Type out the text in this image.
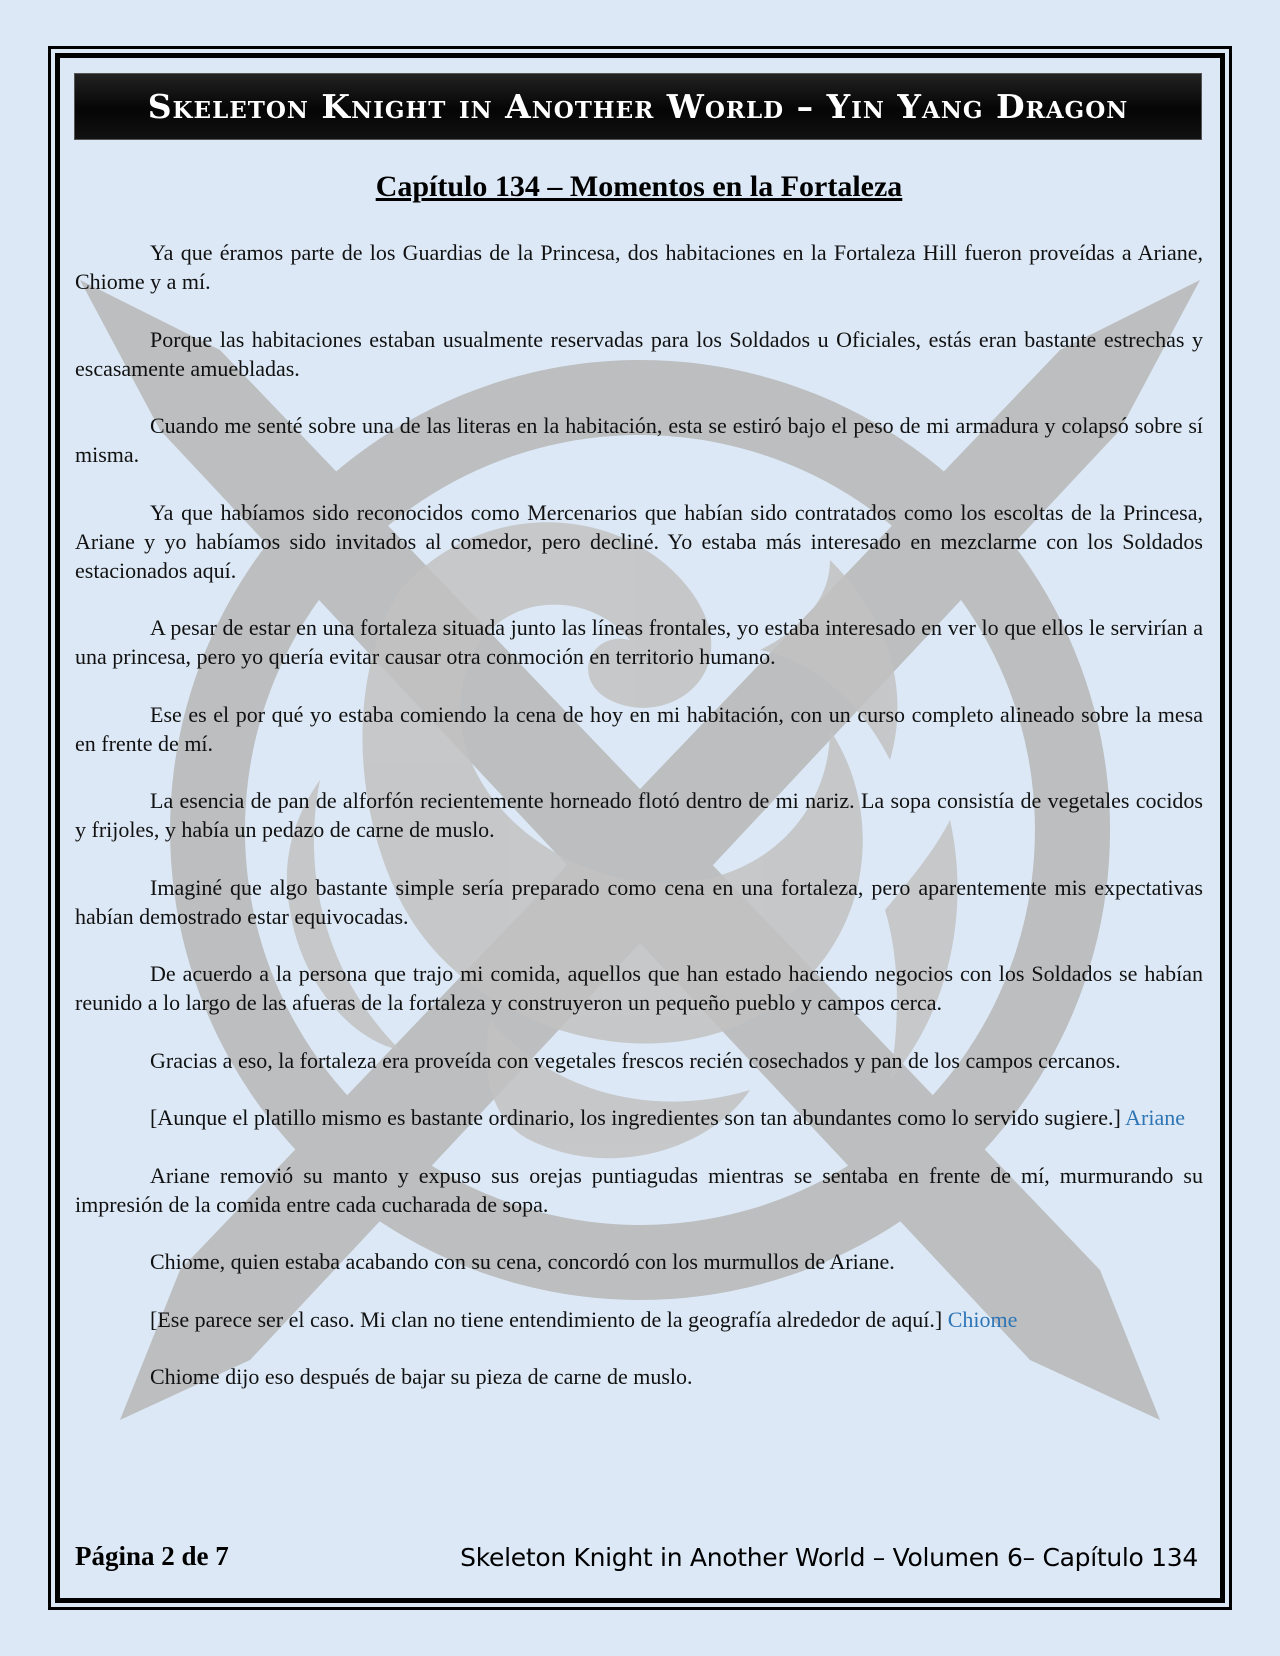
Skeleton Knight in Another World – Yin Yang Dragon
Capítulo 134 – Momentos en la Fortaleza

Ya que éramos parte de los Guardias de la Princesa, dos habitaciones en la Fortaleza Hill fueron proveídas a Ariane, Chiome y a mí.

Porque las habitaciones estaban usualmente reservadas para los Soldados u Oficiales, estás eran bastante estrechas y escasamente amuebladas.

Cuando me senté sobre una de las literas en la habitación, esta se estiró bajo el peso de mi armadura y colapsó sobre sí misma.

Ya que habíamos sido reconocidos como Mercenarios que habían sido contratados como los escoltas de la Princesa, Ariane y yo habíamos sido invitados al comedor, pero decliné. Yo estaba más interesado en mezclarme con los Soldados estacionados aquí.

A pesar de estar en una fortaleza situada junto las líneas frontales, yo estaba interesado en ver lo que ellos le servirían a una princesa, pero yo quería evitar causar otra conmoción en territorio humano.

Ese es el por qué yo estaba comiendo la cena de hoy en mi habitación, con un curso completo alineado sobre la mesa en frente de mí.

La esencia de pan de alforfón recientemente horneado flotó dentro de mi nariz. La sopa consistía de vegetales cocidos y frijoles, y había un pedazo de carne de muslo.

Imaginé que algo bastante simple sería preparado como cena en una fortaleza, pero aparentemente mis expectativas habían demostrado estar equivocadas.

De acuerdo a la persona que trajo mi comida, aquellos que han estado haciendo negocios con los Soldados se habían reunido a lo largo de las afueras de la fortaleza y construyeron un pequeño pueblo y campos cerca.

Gracias a eso, la fortaleza era proveída con vegetales frescos recién cosechados y pan de los campos cercanos.

[Aunque el platillo mismo es bastante ordinario, los ingredientes son tan abundantes como lo servido sugiere.] Ariane

Ariane removió su manto y expuso sus orejas puntiagudas mientras se sentaba en frente de mí, murmurando su impresión de la comida entre cada cucharada de sopa.

Chiome, quien estaba acabando con su cena, concordó con los murmullos de Ariane.

[Ese parece ser el caso. Mi clan no tiene entendimiento de la geografía alrededor de aquí.] Chiome

Chiome dijo eso después de bajar su pieza de carne de muslo.

Página 2 de 7	Skeleton Knight in Another World – Volumen 6– Capítulo 134
